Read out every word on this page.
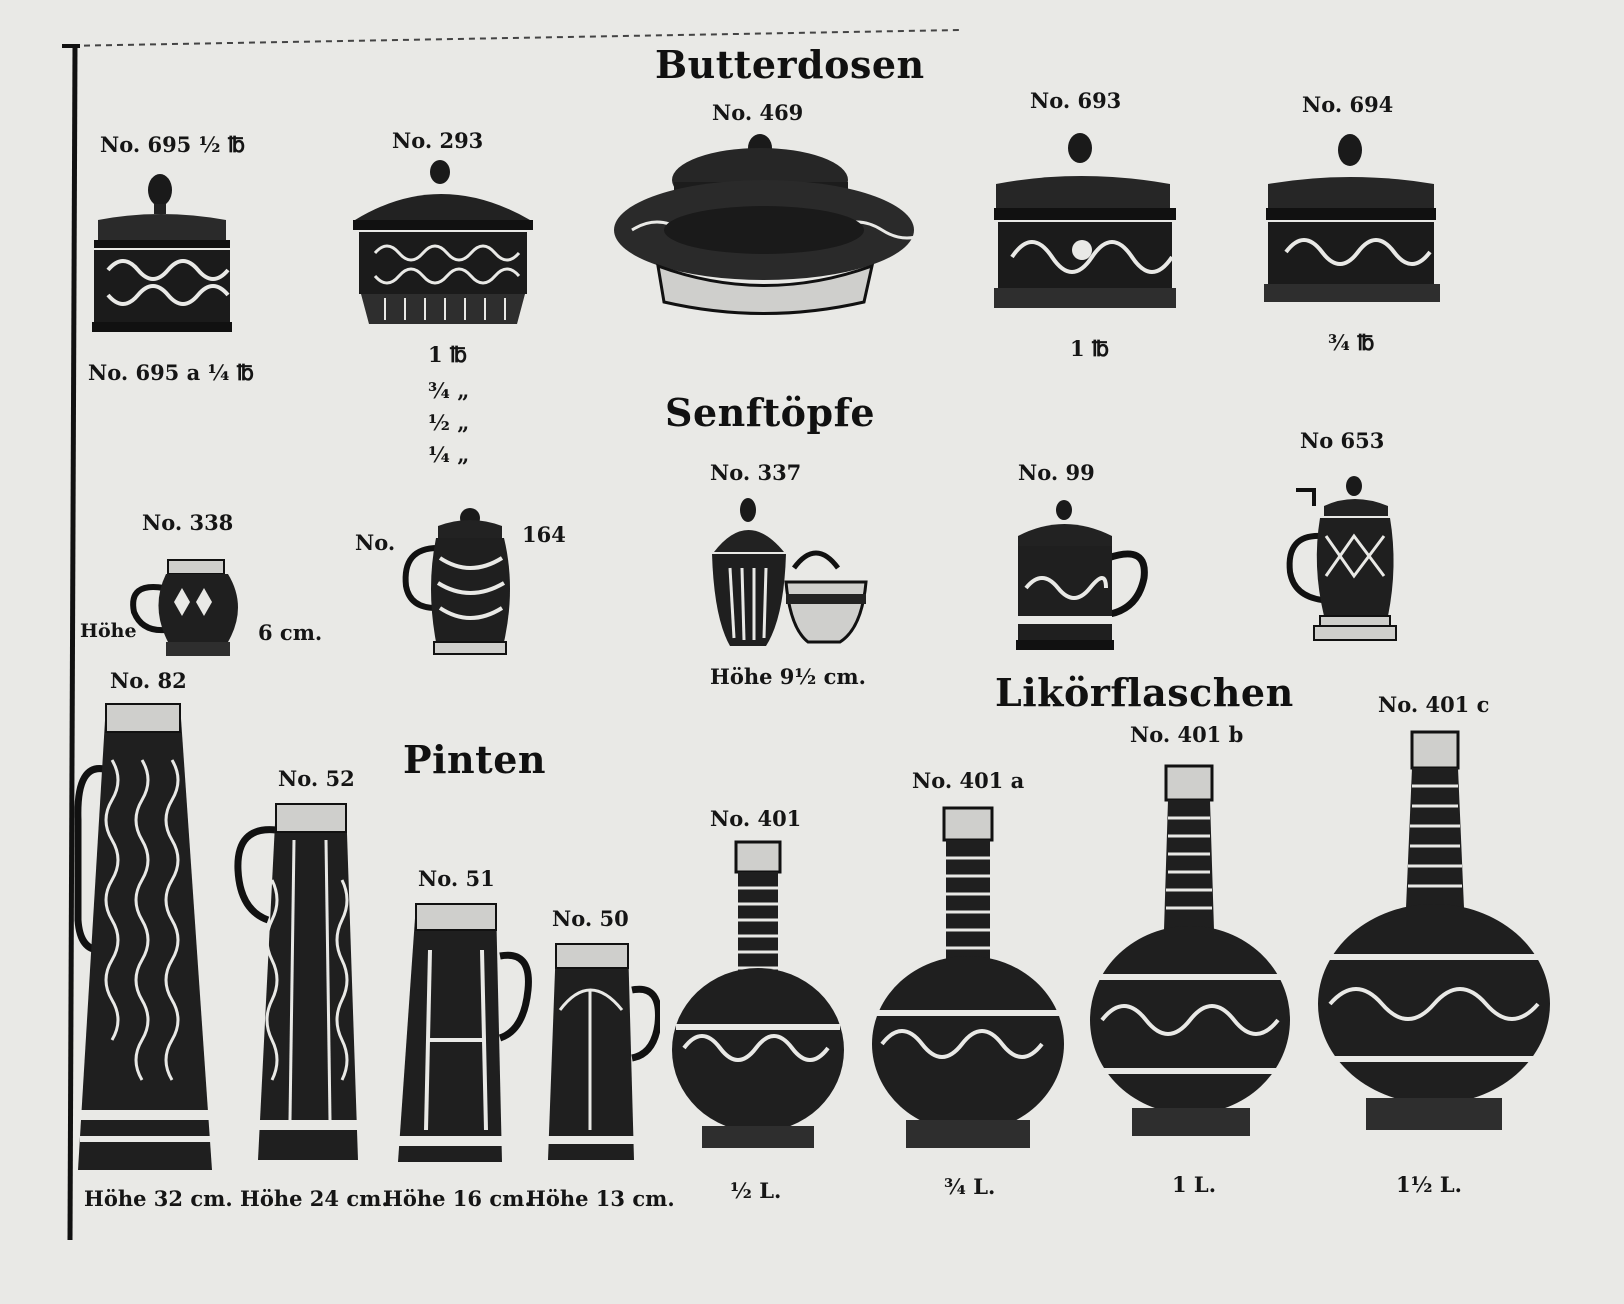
Butterdosen
Senftöpfe
Pinten
Likörflaschen
No. 695 ½ ℔
No. 695 a ¼ ℔
No. 293
1 ℔
¾ „
½ „
¼ „
No. 469	No. 693
1 ℔
No. 694
¾ ℔
No. 338
Höhe	6 cm.
No.	164
No. 337
Höhe 9½ cm.
No. 99
No 653
No. 82
Höhe 32 cm.
No. 52
Höhe 24 cm.
No. 51
Höhe 16 cm.
No. 50
Höhe 13 cm.
No. 401
½ L.
No. 401 a
¾ L.
No. 401 b
1 L.
No. 401 c
1½ L.
